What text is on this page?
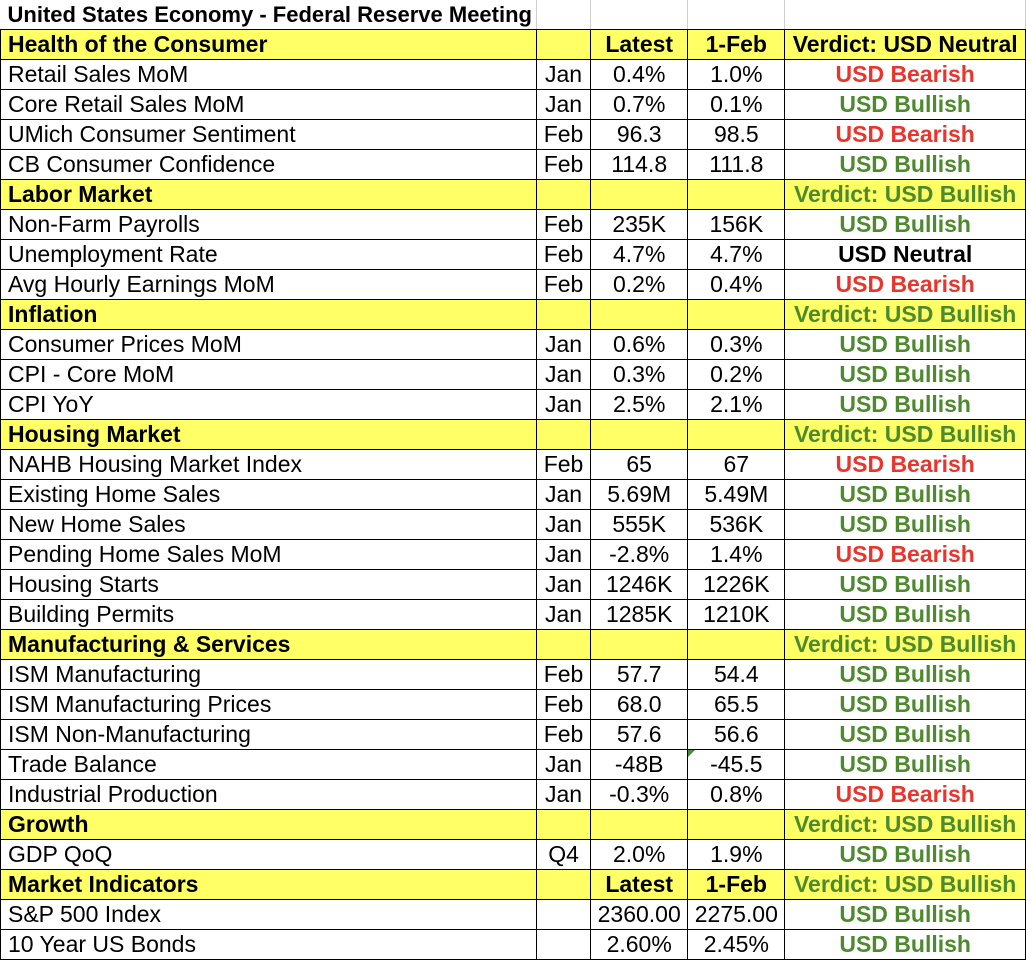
United States Economy - Federal Reserve Meeting				
Health of the Consumer		Latest	1-Feb	Verdict: USD Neutral
Retail Sales MoM	Jan	0.4%	1.0%	USD Bearish
Core Retail Sales MoM	Jan	0.7%	0.1%	USD Bullish
UMich Consumer Sentiment	Feb	96.3	98.5	USD Bearish
CB Consumer Confidence	Feb	114.8	111.8	USD Bullish
Labor Market				Verdict: USD Bullish
Non-Farm Payrolls	Feb	235K	156K	USD Bullish
Unemployment Rate	Feb	4.7%	4.7%	USD Neutral
Avg Hourly Earnings MoM	Feb	0.2%	0.4%	USD Bearish
Inflation				Verdict: USD Bullish
Consumer Prices MoM	Jan	0.6%	0.3%	USD Bullish
CPI - Core MoM	Jan	0.3%	0.2%	USD Bullish
CPI YoY	Jan	2.5%	2.1%	USD Bullish
Housing Market				Verdict: USD Bullish
NAHB Housing Market Index	Feb	65	67	USD Bearish
Existing Home Sales	Jan	5.69M	5.49M	USD Bullish
New Home Sales	Jan	555K	536K	USD Bullish
Pending Home Sales MoM	Jan	-2.8%	1.4%	USD Bearish
Housing Starts	Jan	1246K	1226K	USD Bullish
Building Permits	Jan	1285K	1210K	USD Bullish
Manufacturing & Services				Verdict: USD Bullish
ISM Manufacturing	Feb	57.7	54.4	USD Bullish
ISM Manufacturing Prices	Feb	68.0	65.5	USD Bullish
ISM Non-Manufacturing	Feb	57.6	56.6	USD Bullish
Trade Balance	Jan	-48B	-45.5	USD Bullish
Industrial Production	Jan	-0.3%	0.8%	USD Bearish
Growth				Verdict: USD Bullish
GDP QoQ	Q4	2.0%	1.9%	USD Bullish
Market Indicators		Latest	1-Feb	Verdict: USD Bullish
S&P 500 Index		2360.00	2275.00	USD Bullish
10 Year US Bonds		2.60%	2.45%	USD Bullish
